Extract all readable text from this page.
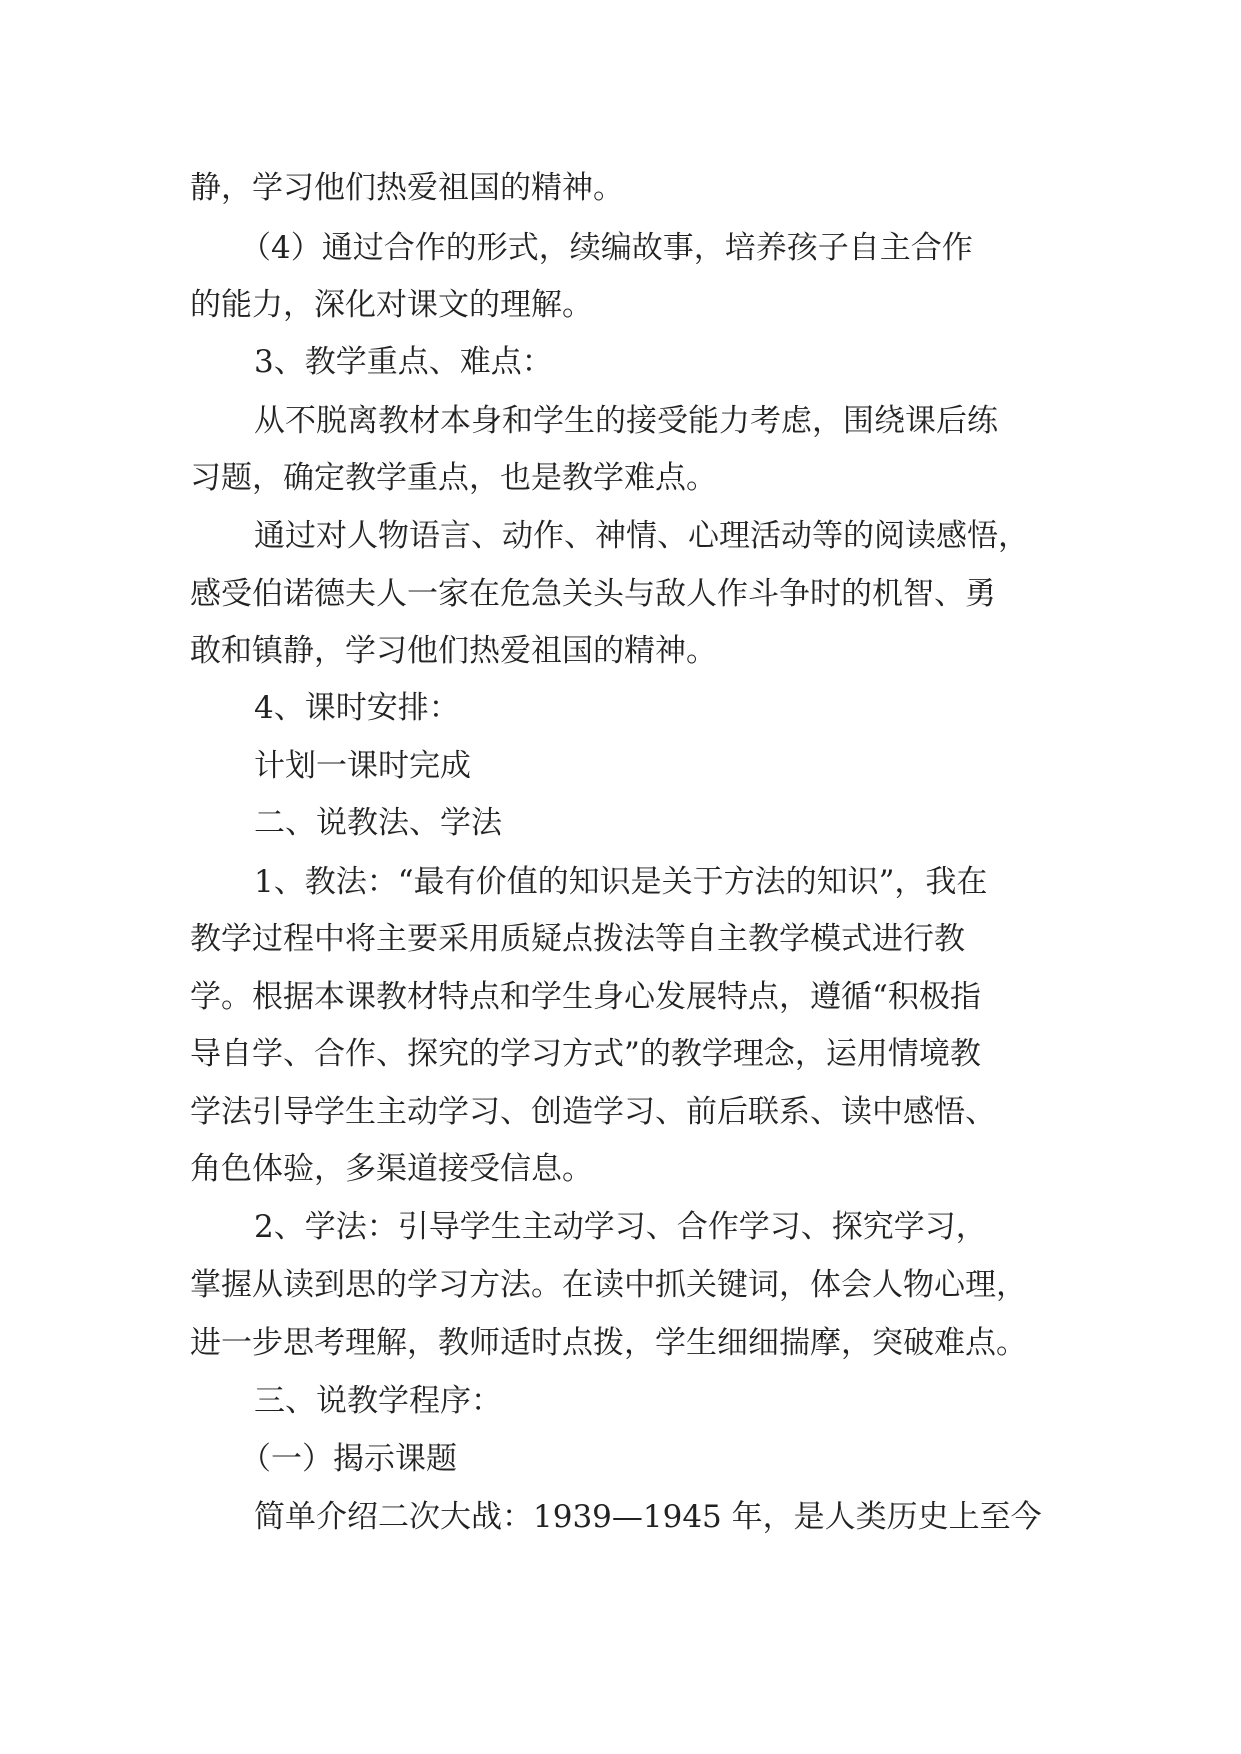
静，学习他们热爱祖国的精神。
（4）通过合作的形式，续编故事，培养孩子自主合作
的能力，深化对课文的理解。
3、教学重点、难点：
从不脱离教材本身和学生的接受能力考虑，围绕课后练
习题，确定教学重点，也是教学难点。
通过对人物语言、动作、神情、心理活动等的阅读感悟，
感受伯诺德夫人一家在危急关头与敌人作斗争时的机智、勇
敢和镇静，学习他们热爱祖国的精神。
4、课时安排：
计划一课时完成
二、说教法、学法
1、教法：“最有价值的知识是关于方法的知识”，我在
教学过程中将主要采用质疑点拨法等自主教学模式进行教
学。根据本课教材特点和学生身心发展特点，遵循“积极指
导自学、合作、探究的学习方式”的教学理念，运用情境教
学法引导学生主动学习、创造学习、前后联系、读中感悟、
角色体验，多渠道接受信息。
2、学法：引导学生主动学习、合作学习、探究学习，
掌握从读到思的学习方法。在读中抓关键词，体会人物心理，
进一步思考理解，教师适时点拨，学生细细揣摩，突破难点。
三、说教学程序：
（一）揭示课题
简单介绍二次大战：1939—1945 年，是人类历史上至今
